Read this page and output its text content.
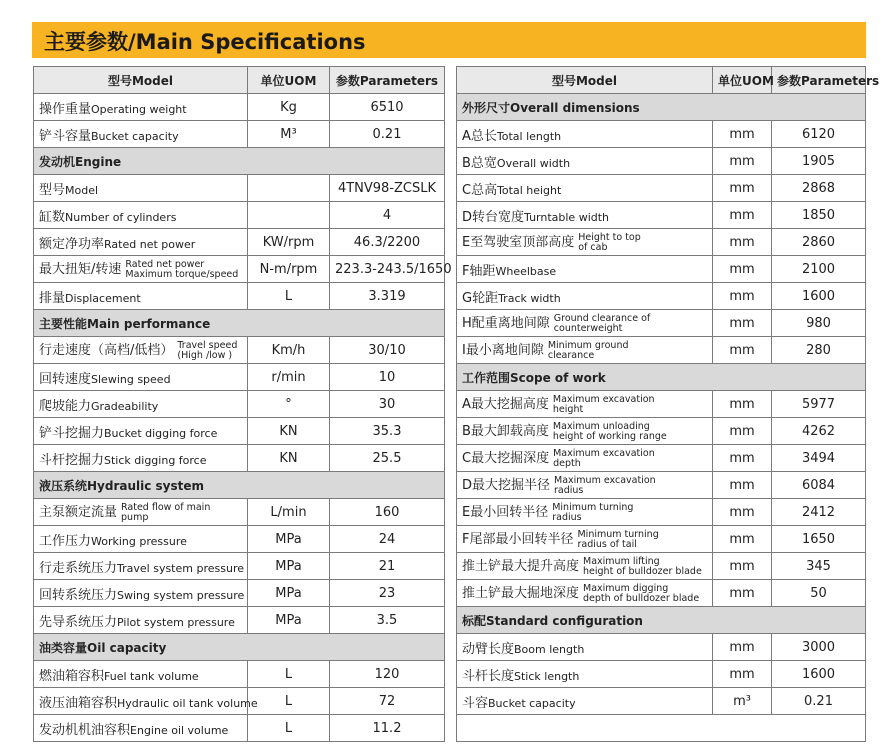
主要参数/Main Specifications
型号Model	单位UOM	参数Parameters
操作重量Operating weight	Kg	6510
铲斗容量Bucket capacity	M³	0.21
发动机Engine		
型号Model		4TNV98-ZCSLK
缸数Number of cylinders		4
额定净功率Rated net power	KW/rpm	46.3/2200
最大扭矩/转速 Rated net power
Maximum torque/speed	N-m/rpm	223.3-243.5/1650
排量Displacement	L	3.319
主要性能Main performance		
行走速度（高档/低档） Travel speed
(High /low )	Km/h	30/10
回转速度Slewing speed	r/min	10
爬坡能力Gradeability	°	30
铲斗挖掘力Bucket digging force	KN	35.3
斗杆挖掘力Stick digging force	KN	25.5
液压系统Hydraulic system		
主泵额定流量 Rated flow of main
pump	L/min	160
工作压力Working pressure	MPa	24
行走系统压力Travel system pressure	MPa	21
回转系统压力Swing system pressure	MPa	23
先导系统压力Pilot system pressure	MPa	3.5
油类容量Oil capacity		
燃油箱容积Fuel tank volume	L	120
液压油箱容积Hydraulic oil tank volume	L	72
发动机机油容积Engine oil volume	L	11.2
型号Model	单位UOM	参数Parameters
外形尺寸Overall dimensions		
A总长Total length	mm	6120
B总宽Overall width	mm	1905
C总高Total height	mm	2868
D转台宽度Turntable width	mm	1850
E至驾驶室顶部高度 Height to top
of cab	mm	2860
F轴距Wheelbase	mm	2100
G轮距Track width	mm	1600
H配重离地间隙 Ground clearance of
counterweight	mm	980
I最小离地间隙 Minimum ground
clearance	mm	280
工作范围Scope of work		
A最大挖掘高度 Maximum excavation
height	mm	5977
B最大卸载高度 Maximum unloading
height of working range	mm	4262
C最大挖掘深度 Maximum excavation
depth	mm	3494
D最大挖掘半径 Maximum excavation
radius	mm	6084
E最小回转半径 Minimum turning
radius	mm	2412
F尾部最小回转半径 Minimum turning
radius of tail	mm	1650
推土铲最大提升高度 Maximum lifting
height of bulldozer blade	mm	345
推土铲最大掘地深度 Maximum digging
depth of bulldozer blade	mm	50
标配Standard configuration		
动臂长度Boom length	mm	3000
斗杆长度Stick length	mm	1600
斗容Bucket capacity	m³	0.21
